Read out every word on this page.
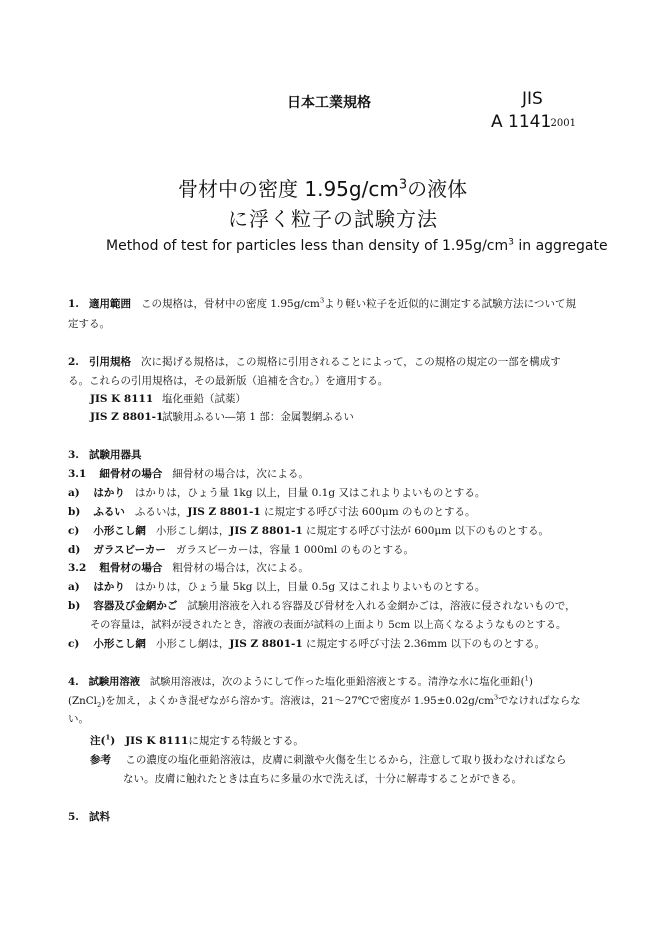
日本工業規格	JIS
A 1141
: 2001
骨材中の密度 $1.95g/cm^3$の液体
に浮く粒子の試験方法
Method of test for particles less than density of $1.95g/cm^3$ in aggregate
1. 適用範囲 この規格は，骨材中の密度 $1.95g/cm^3$より軽い粒子を近似的に測定する試験方法について規
定する。
2. 引用規格 次に掲げる規格は，この規格に引用されることによって，この規格の規定の一部を構成す
る。これらの引用規格は，その最新版（追補を含む。）を適用する。
JIS K 8111 塩化亜鉛（試薬）
JIS Z 8801-1試験用ふるい―第 1 部：金属製網ふるい
3. 試験用器具
3.1 細骨材の場合 細骨材の場合は，次による。
a) はかり はかりは，ひょう量 1kg 以上，目量 0.1g 又はこれよりよいものとする。
b) ふるい ふるいは，JIS Z 8801-1 に規定する呼び寸法 600μm のものとする。
c) 小形こし網 小形こし網は，JIS Z 8801-1 に規定する呼び寸法が 600μm 以下のものとする。
d) ガラスビーカー ガラスビーカーは，容量 1 000ml のものとする。
3.2 粗骨材の場合 粗骨材の場合は，次による。
a) はかり はかりは，ひょう量 5kg 以上，目量 0.5g 又はこれよりよいものとする。
b) 容器及び金網かご 試験用溶液を入れる容器及び骨材を入れる金網かごは，溶液に侵されないもので，
その容量は，試料が浸されたとき，溶液の表面が試料の上面より 5cm 以上高くなるようなものとする。
c) 小形こし網 小形こし網は，JIS Z 8801-1 に規定する呼び寸法 2.36mm 以下のものとする。
4. 試験用溶液 試験用溶液は，次のようにして作った塩化亜鉛溶液とする。清浄な水に塩化亜鉛($^1$)
(ZnCl$_2$)を加え，よくかき混ぜながら溶かす。溶液は，21～27℃で密度が $1.95\pm 0.02g/cm^3$でなければならな
い。
注($^1$) JIS K 8111に規定する特級とする。
参考 この濃度の塩化亜鉛溶液は，皮膚に刺激や火傷を生じるから，注意して取り扱わなければなら
ない。皮膚に触れたときは直ちに多量の水で洗えば，十分に解毒することができる。
5. 試料
